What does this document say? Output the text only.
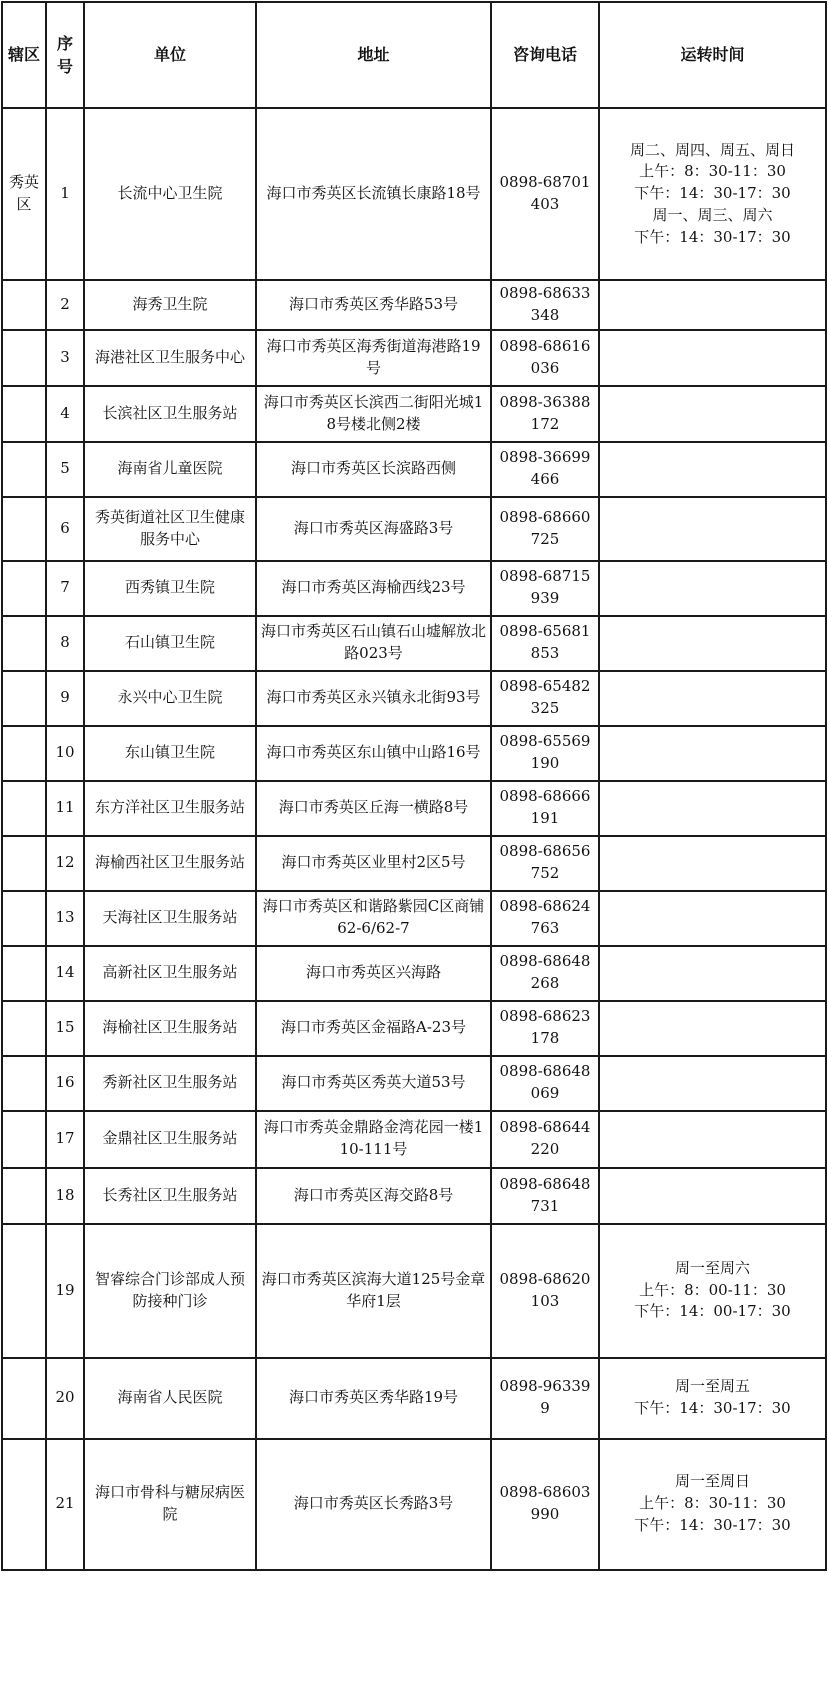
辖区	序号	单位	地址	咨询电话	运转时间
秀英区	1	长流中心卫生院	海口市秀英区长流镇长康路18号	0898-68701403	周二、周四、周五、周日
上午：8：30-11：30
下午：14：30-17：30
周一、周三、周六
下午：14：30-17：30

	2	海秀卫生院	海口市秀英区秀华路53号	0898-68633348	
	3	海港社区卫生服务中心	海口市秀英区海秀街道海港路19号	0898-68616036	
	4	长滨社区卫生服务站	海口市秀英区长滨西二街阳光城18号楼北侧2楼	0898-36388172	
	5	海南省儿童医院	海口市秀英区长滨路西侧	0898-36699466	
	6	秀英街道社区卫生健康服务中心	海口市秀英区海盛路3号	0898-68660725	
	7	西秀镇卫生院	海口市秀英区海榆西线23号	0898-68715939	
	8	石山镇卫生院	海口市秀英区石山镇石山墟解放北路023号	0898-65681853	
	9	永兴中心卫生院	海口市秀英区永兴镇永北街93号	0898-65482325	
	10	东山镇卫生院	海口市秀英区东山镇中山路16号	0898-65569190	
	11	东方洋社区卫生服务站	海口市秀英区丘海一横路8号	0898-68666191	
	12	海榆西社区卫生服务站	海口市秀英区业里村2区5号	0898-68656752	
	13	天海社区卫生服务站	海口市秀英区和谐路紫园C区商铺62-6/62-7	0898-68624763	
	14	高新社区卫生服务站	海口市秀英区兴海路	0898-68648268	
	15	海榆社区卫生服务站	海口市秀英区金福路A-23号	0898-68623178	
	16	秀新社区卫生服务站	海口市秀英区秀英大道53号	0898-68648069	
	17	金鼎社区卫生服务站	海口市秀英金鼎路金湾花园一楼110-111号	0898-68644220	
	18	长秀社区卫生服务站	海口市秀英区海交路8号	0898-68648731	
	19	智睿综合门诊部成人预防接种门诊	海口市秀英区滨海大道125号金章华府1层	0898-68620103	周一至周六
上午：8：00-11：30
下午：14：00-17：30

	20	海南省人民医院	海口市秀英区秀华路19号	0898-963399	周一至周五
下午：14：30-17：30

	21	海口市骨科与糖尿病医院	海口市秀英区长秀路3号	0898-68603990	周一至周日
上午：8：30-11：30
下午：14：30-17：30
